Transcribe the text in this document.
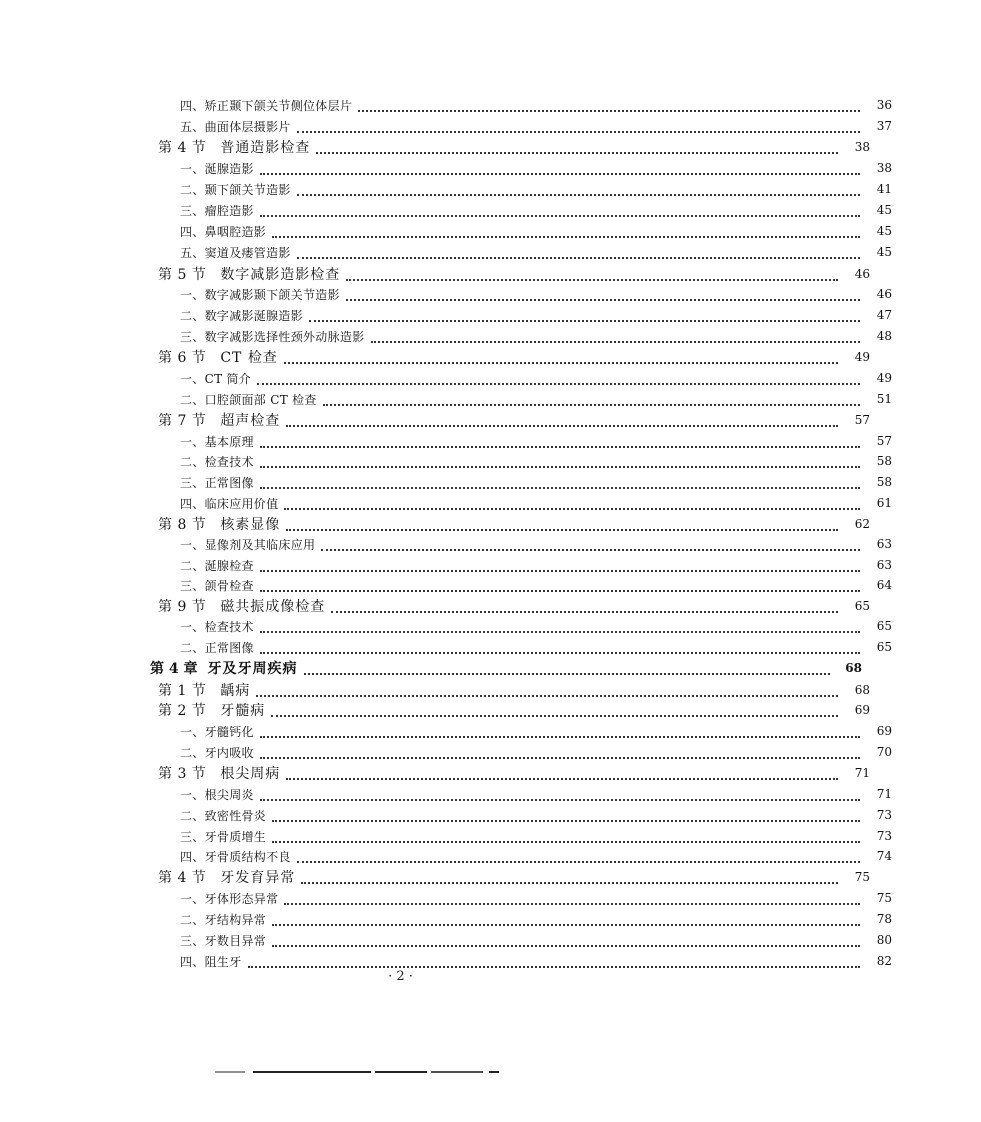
四、矫正颞下颌关节侧位体层片	36
五、曲面体层摄影片	37
第 4 节 普通造影检查	38
一、涎腺造影	38
二、颞下颌关节造影	41
三、瘤腔造影	45
四、鼻咽腔造影	45
五、窦道及瘘管造影	45
第 5 节 数字减影造影检查	46
一、数字减影颞下颌关节造影	46
二、数字减影涎腺造影	47
三、数字减影选择性颈外动脉造影	48
第 6 节 CT 检查	49
一、CT 简介	49
二、口腔颌面部 CT 检查	51
第 7 节 超声检查	57
一、基本原理	57
二、检查技术	58
三、正常图像	58
四、临床应用价值	61
第 8 节 核素显像	62
一、显像剂及其临床应用	63
二、涎腺检查	63
三、颌骨检查	64
第 9 节 磁共振成像检查	65
一、检查技术	65
二、正常图像	65
第 4 章 牙及牙周疾病	68
第 1 节 龋病	68
第 2 节 牙髓病	69
一、牙髓钙化	69
二、牙内吸收	70
第 3 节 根尖周病	71
一、根尖周炎	71
二、致密性骨炎	73
三、牙骨质增生	73
四、牙骨质结构不良	74
第 4 节 牙发育异常	75
一、牙体形态异常	75
二、牙结构异常	78
三、牙数目异常	80
四、阻生牙	82
· 2 ·
